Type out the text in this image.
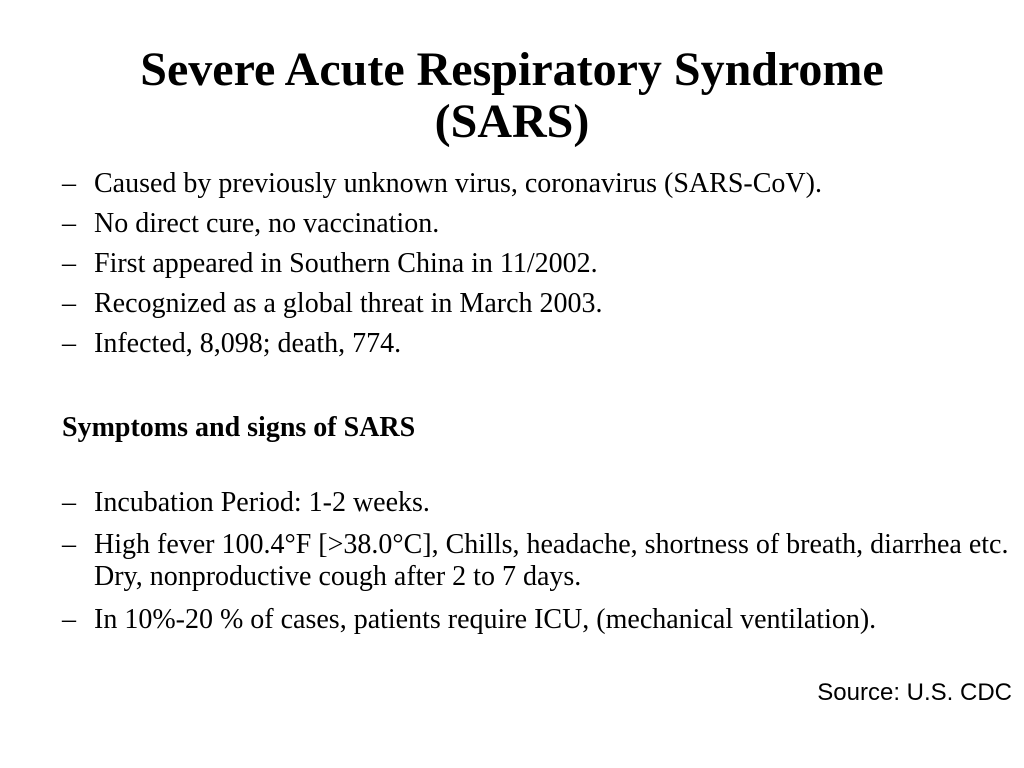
Severe Acute Respiratory Syndrome
(SARS)
– Caused by previously unknown virus, coronavirus (SARS-CoV).
– No direct cure, no vaccination.
– First appeared in Southern China in 11/2002.
– Recognized as a global threat in March 2003.
– Infected, 8,098; death, 774.
Symptoms and signs of SARS
– Incubation Period: 1-2 weeks.
– High fever 100.4°F [>38.0°C], Chills, headache, shortness of breath, diarrhea etc. Dry, nonproductive cough after 2 to 7 days.
– In 10%-20 % of cases, patients require ICU, (mechanical ventilation).
Source: U.S. CDC
